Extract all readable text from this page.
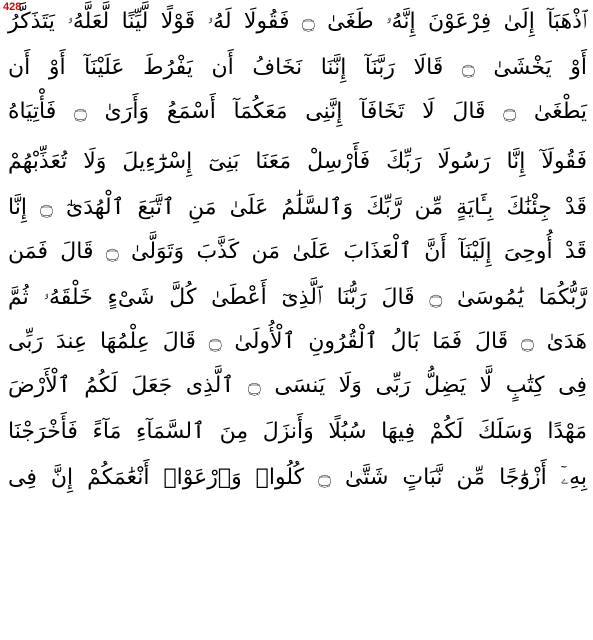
428
ٱذْهَبَآ إِلَىٰ فِرْعَوْنَ إِنَّهُۥ طَغَىٰ ۝ فَقُولَا لَهُۥ قَوْلًا لَّيِّنًا لَّعَلَّهُۥ يَتَذَكَّرُ
أَوْ يَخْشَىٰ ۝ قَالَا رَبَّنَآ إِنَّنَا نَخَافُ أَن يَفْرُطَ عَلَيْنَآ أَوْ أَن
يَطْغَىٰ ۝ قَالَ لَا تَخَافَآ إِنَّنِى مَعَكُمَآ أَسْمَعُ وَأَرَىٰ ۝ فَأْتِيَاهُ
فَقُولَآ إِنَّا رَسُولَا رَبِّكَ فَأَرْسِلْ مَعَنَا بَنِىٓ إِسْرَٰٓءِيلَ وَلَا تُعَذِّبْهُمْ
قَدْ جِئْنَٰكَ بِـَٔايَةٍ مِّن رَّبِّكَ وَٱلسَّلَٰمُ عَلَىٰ مَنِ ٱتَّبَعَ ٱلْهُدَىٰٓ ۝ إِنَّا
قَدْ أُوحِىَ إِلَيْنَآ أَنَّ ٱلْعَذَابَ عَلَىٰ مَن كَذَّبَ وَتَوَلَّىٰ ۝ قَالَ فَمَن
رَّبُّكُمَا يَٰمُوسَىٰ ۝ قَالَ رَبُّنَا ٱلَّذِىٓ أَعْطَىٰ كُلَّ شَىْءٍ خَلْقَهُۥ ثُمَّ
هَدَىٰ ۝ قَالَ فَمَا بَالُ ٱلْقُرُونِ ٱلْأُولَىٰ ۝ قَالَ عِلْمُهَا عِندَ رَبِّى
فِى كِتَٰبٍ لَّا يَضِلُّ رَبِّى وَلَا يَنسَى ۝ ٱلَّذِى جَعَلَ لَكُمُ ٱلْأَرْضَ
مَهْدًا وَسَلَكَ لَكُمْ فِيهَا سُبُلًا وَأَنزَلَ مِنَ ٱلسَّمَآءِ مَآءً فَأَخْرَجْنَا
بِهِۦٓ أَزْوَٰجًا مِّن نَّبَاتٍ شَتَّىٰ ۝ كُلُوا۟ وَٱرْعَوْا۟ أَنْعَٰمَكُمْ إِنَّ فِى
